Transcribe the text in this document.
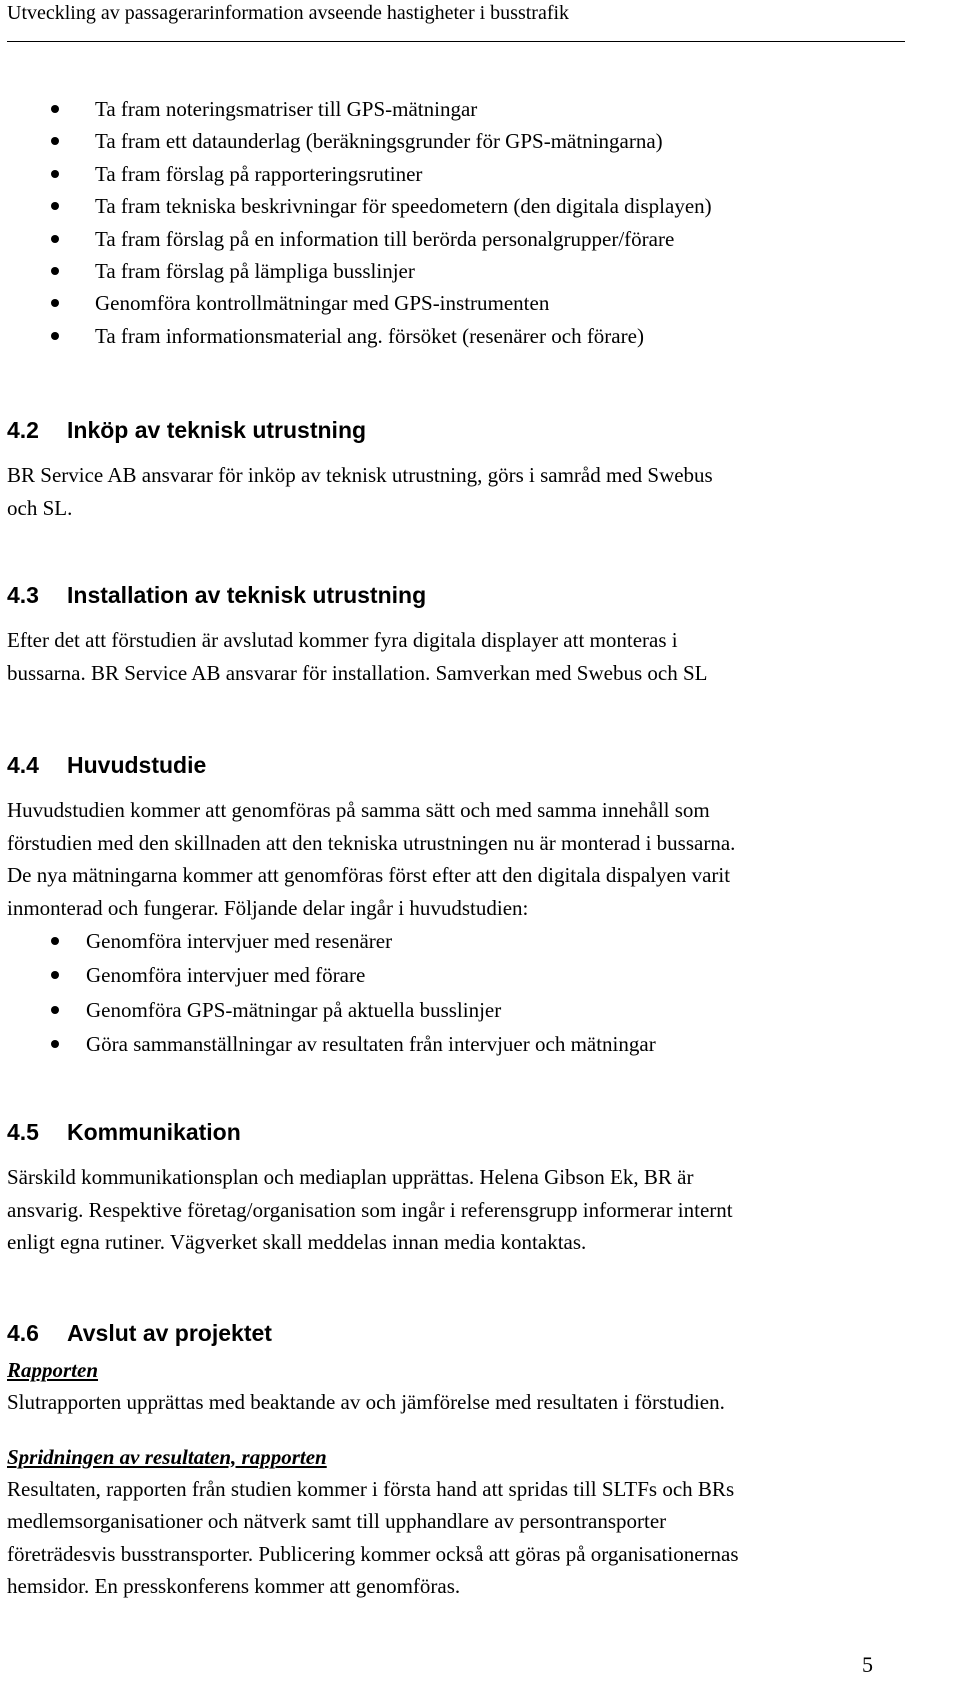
Utveckling av passagerarinformation avseende hastigheter i busstrafik
Ta fram noteringsmatriser till GPS-mätningar
Ta fram ett dataunderlag (beräkningsgrunder för GPS-mätningarna)
Ta fram förslag på rapporteringsrutiner
Ta fram tekniska beskrivningar för speedometern (den digitala displayen)
Ta fram förslag på en information till berörda personalgrupper/förare
Ta fram förslag på lämpliga busslinjer
Genomföra kontrollmätningar med GPS-instrumenten
Ta fram informationsmaterial ang. försöket (resenärer och förare)
4.2 Inköp av teknisk utrustning

BR Service AB ansvarar för inköp av teknisk utrustning, görs i samråd med Swebus

och SL.

4.3 Installation av teknisk utrustning

Efter det att förstudien är avslutad kommer fyra digitala displayer att monteras i

bussarna. BR Service AB ansvarar för installation. Samverkan med Swebus och SL

4.4 Huvudstudie

Huvudstudien kommer att genomföras på samma sätt och med samma innehåll som

förstudien med den skillnaden att den tekniska utrustningen nu är monterad i bussarna.

De nya mätningarna kommer att genomföras först efter att den digitala dispalyen varit

inmonterad och fungerar. Följande delar ingår i huvudstudien:

Genomföra intervjuer med resenärer
Genomföra intervjuer med förare
Genomföra GPS-mätningar på aktuella busslinjer
Göra sammanställningar av resultaten från intervjuer och mätningar
4.5 Kommunikation

Särskild kommunikationsplan och mediaplan upprättas. Helena Gibson Ek, BR är

ansvarig. Respektive företag/organisation som ingår i referensgrupp informerar internt

enligt egna rutiner. Vägverket skall meddelas innan media kontaktas.

4.6 Avslut av projektet
Rapporten

Slutrapporten upprättas med beaktande av och jämförelse med resultaten i förstudien.

Spridningen av resultaten, rapporten

Resultaten, rapporten från studien kommer i första hand att spridas till SLTFs och BRs

medlemsorganisationer och nätverk samt till upphandlare av persontransporter

företrädesvis busstransporter. Publicering kommer också att göras på organisationernas

hemsidor. En presskonferens kommer att genomföras.

5
